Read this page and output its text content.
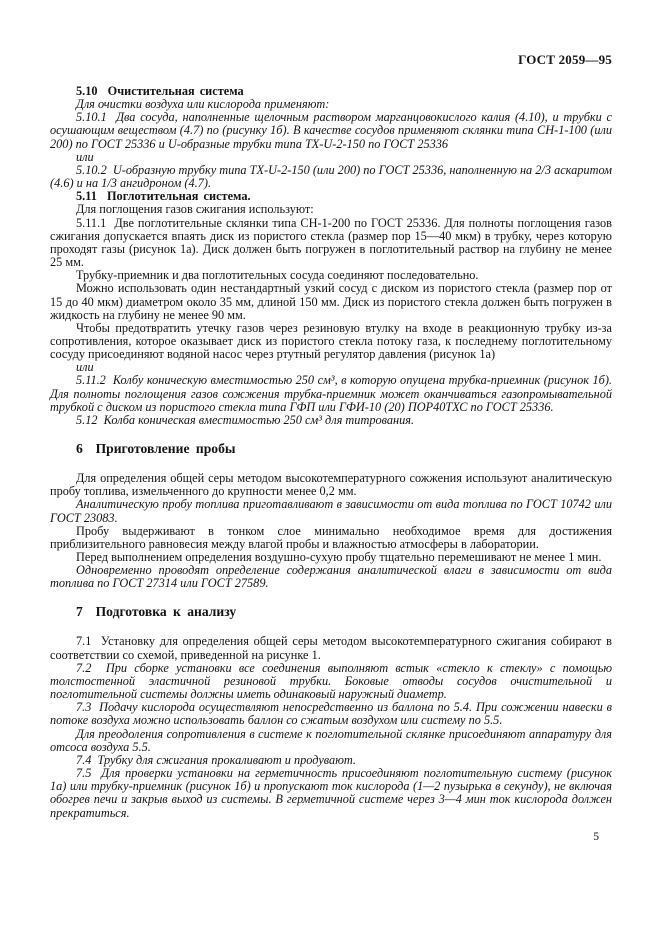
ГОСТ 2059—95

5.10  Очистительная система

Для очистки воздуха или кислорода применяют:

5.10.1  Два сосуда, наполненные щелочным раствором марганцовокислого калия (4.10), и трубки с осушающим веществом (4.7) по (рисунку 1б). В качестве сосудов применяют склянки типа СН-1-100 (или 200) по ГОСТ 25336 и U-образные трубки типа ТХ-U-2-150 по ГОСТ 25336

или

5.10.2  U-образную трубку типа ТХ-U-2-150 (или 200) по ГОСТ 25336, наполненную на 2/3 аскаритом (4.6) и на 1/3 ангидроном (4.7).

5.11  Поглотительная система.

Для поглощения газов сжигания используют:

5.11.1  Две поглотительные склянки типа СН-1-200 по ГОСТ 25336. Для полноты поглощения газов сжигания допускается впаять диск из пористого стекла (размер пор 15—40 мкм) в трубку, через которую проходят газы (рисунок 1а). Диск должен быть погружен в поглотительный раствор на глубину не менее 25 мм.

Трубку-приемник и два поглотительных сосуда соединяют последовательно.

Можно использовать один нестандартный узкий сосуд с диском из пористого стекла (размер пор от 15 до 40 мкм) диаметром около 35 мм, длиной 150 мм. Диск из пористого стекла должен быть погружен в жидкость на глубину не менее 90 мм.

Чтобы предотвратить утечку газов через резиновую втулку на входе в реакционную трубку из-за сопротивления, которое оказывает диск из пористого стекла потоку газа, к последнему поглотительному сосуду присоединяют водяной насос через ртутный регулятор давления (рисунок 1а)

или

5.11.2  Колбу коническую вместимостью 250 см³, в которую опущена трубка-приемник (рисунок 1б). Для полноты поглощения газов сожжения трубка-приемник может оканчиваться газопромывательной трубкой с диском из пористого стекла типа ГФП или ГФИ-10 (20) ПОР40ТХС по ГОСТ 25336.

5.12  Колба коническая вместимостью 250 см³ для титрования.

6  Приготовление пробы

Для определения общей серы методом высокотемпературного сожжения используют аналитическую пробу топлива, измельченного до крупности менее 0,2 мм.

Аналитическую пробу топлива приготавливают в зависимости от вида топлива по ГОСТ 10742 или ГОСТ 23083.

Пробу выдерживают в тонком слое минимально необходимое время для достижения приблизительного равновесия между влагой пробы и влажностью атмосферы в лаборатории.

Перед выполнением определения воздушно-сухую пробу тщательно перемешивают не менее 1 мин.

Одновременно проводят определение содержания аналитической влаги в зависимости от вида топлива по ГОСТ 27314 или ГОСТ 27589.

7  Подготовка к анализу

7.1  Установку для определения общей серы методом высокотемпературного сжигания собирают в соответствии со схемой, приведенной на рисунке 1.

7.2  При сборке установки все соединения выполняют встык «стекло к стеклу» с помощью толстостенной эластичной резиновой трубки. Боковые отводы сосудов очистительной и поглотительной системы должны иметь одинаковый наружный диаметр.

7.3  Подачу кислорода осуществляют непосредственно из баллона по 5.4. При сожжении навески в потоке воздуха можно использовать баллон со сжатым воздухом или систему по 5.5.

Для преодоления сопротивления в системе к поглотительной склянке присоединяют аппаратуру для отсоса воздуха 5.5.

7.4  Трубку для сжигания прокаливают и продувают.

7.5  Для проверки установки на герметичность присоединяют поглотительную систему (рисунок 1а) или трубку-приемник (рисунок 1б) и пропускают ток кислорода (1—2 пузырька в секунду), не включая обогрев печи и закрыв выход из системы. В герметичной системе через 3—4 мин ток кислорода должен прекратиться.

5
